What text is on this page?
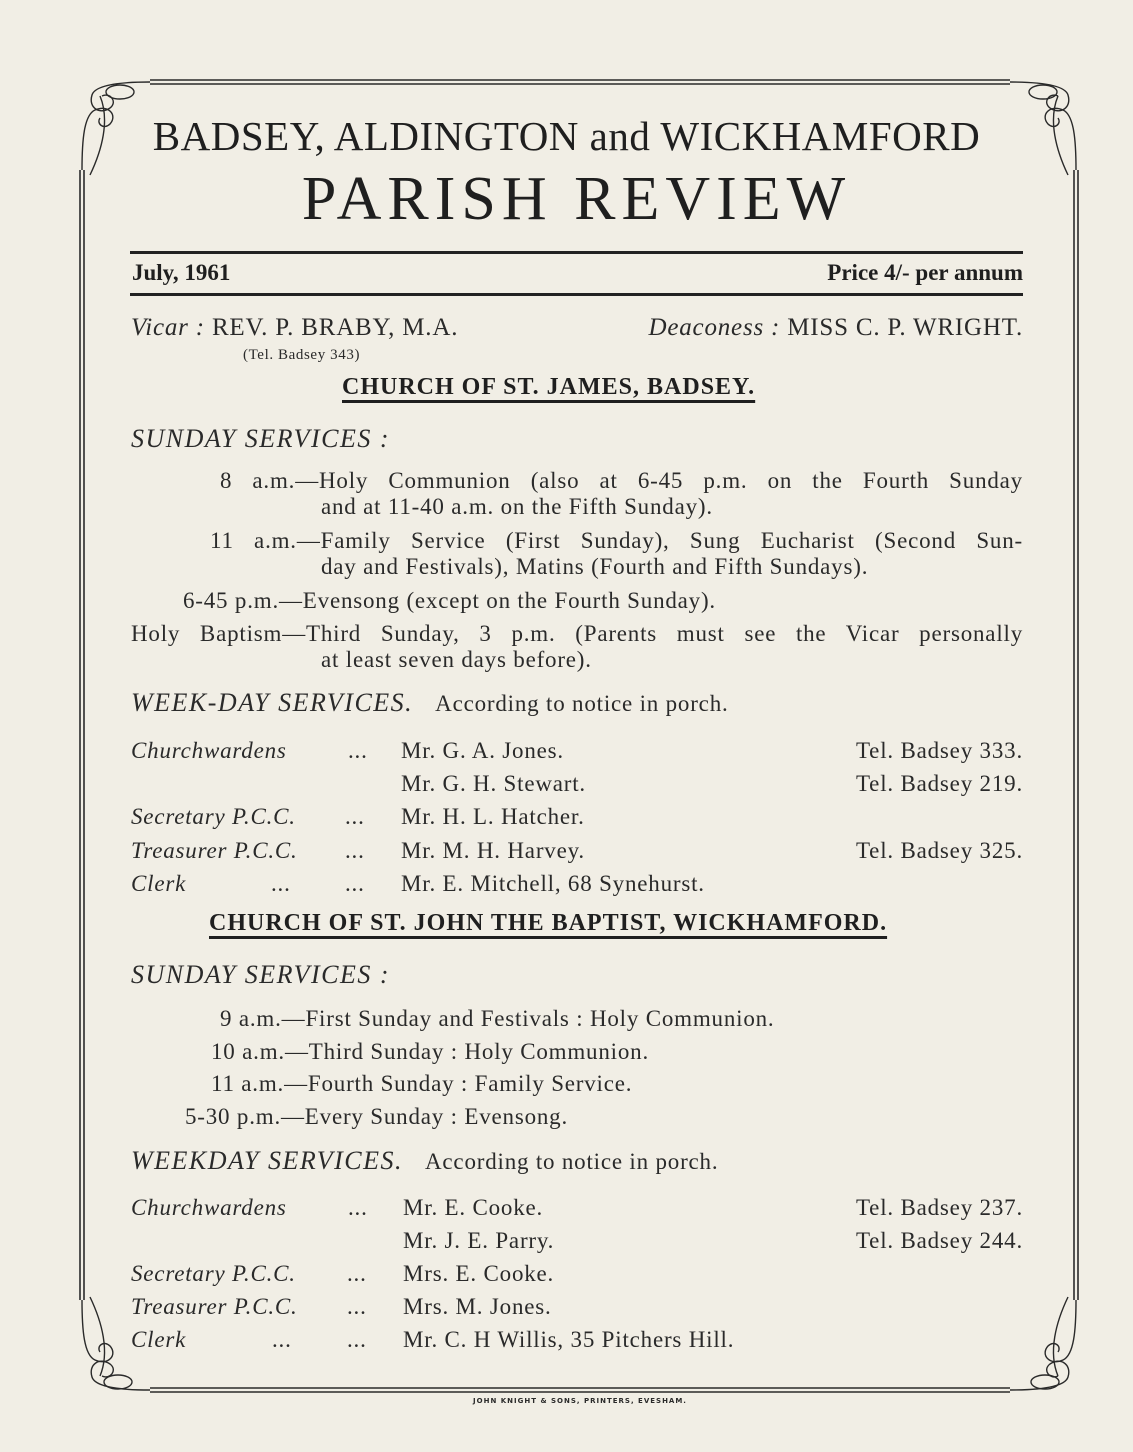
BADSEY, ALDINGTON and WICKHAMFORD
PARISH REVIEW
July, 1961	Price 4/- per annum
Vicar : REV. P. BRABY, M.A.
(Tel. Badsey 343)
Deaconess : MISS C. P. WRIGHT.
CHURCH OF ST. JAMES, BADSEY.
SUNDAY SERVICES :
8 a.m.—Holy Communion (also at 6-45 p.m. on the Fourth Sunday
and at 11-40 a.m. on the Fifth Sunday).
11 a.m.—Family Service (First Sunday), Sung Eucharist (Second Sun-
day and Festivals), Matins (Fourth and Fifth Sundays).
6-45 p.m.—Evensong (except on the Fourth Sunday).
Holy Baptism—Third Sunday, 3 p.m. (Parents must see the Vicar personally
at least seven days before).
WEEK-DAY SERVICES. According to notice in porch.
Churchwardens	... Mr. G. A. Jones.	Tel. Badsey 333.
Mr. G. H. Stewart.	Tel. Badsey 219.
Secretary P.C.C. ... Mr. H. L. Hatcher.
Treasurer P.C.C. ... Mr. M. H. Harvey.	Tel. Badsey 325.
Clerk	... ... Mr. E. Mitchell, 68 Synehurst.
CHURCH OF ST. JOHN THE BAPTIST, WICKHAMFORD.
SUNDAY SERVICES :
9 a.m.—First Sunday and Festivals : Holy Communion.
10 a.m.—Third Sunday : Holy Communion.
11 a.m.—Fourth Sunday : Family Service.
5-30 p.m.—Every Sunday : Evensong.
WEEKDAY SERVICES. According to notice in porch.
Churchwardens	... Mr. E. Cooke.	Tel. Badsey 237.
Mr. J. E. Parry.	Tel. Badsey 244.
Secretary P.C.C. ... Mrs. E. Cooke.
Treasurer P.C.C. ... Mrs. M. Jones.
Clerk	... ... Mr. C. H Willis, 35 Pitchers Hill.
JOHN KNIGHT & SONS, PRINTERS, EVESHAM.
